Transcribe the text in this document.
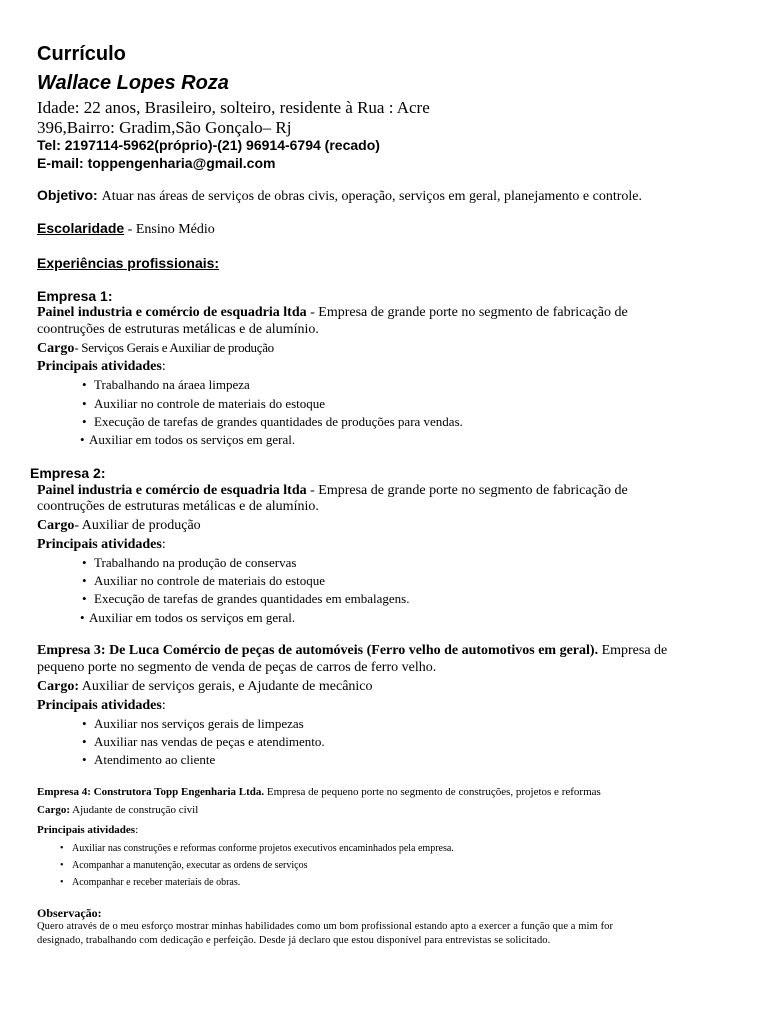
Currículo
Wallace Lopes Roza
Idade: 22 anos, Brasileiro, solteiro, residente à Rua : Acre
396,Bairro: Gradim,São Gonçalo– Rj
Tel: 2197114-5962(próprio)-(21) 96914-6794 (recado)
E-mail: toppengenharia@gmail.com
Objetivo: Atuar nas áreas de serviços de obras civis, operação, serviços em geral, planejamento e controle.
Escolaridade - Ensino Médio
Experiências profissionais:
Empresa 1:
Painel industria e comércio de esquadria ltda - Empresa de grande porte no segmento de fabricação de
coontruções de estruturas metálicas e de alumínio.
Cargo- Serviços Gerais e Auxiliar de produção
Principais atividades:
• Trabalhando na áraea limpeza
• Auxiliar no controle de materiais do estoque
• Execução de tarefas de grandes quantidades de produções para vendas.
• Auxiliar em todos os serviços em geral.
Empresa 2:
Painel industria e comércio de esquadria ltda - Empresa de grande porte no segmento de fabricação de
coontruções de estruturas metálicas e de alumínio.
Cargo- Auxiliar de produção
Principais atividades:
• Trabalhando na produção de conservas
• Auxiliar no controle de materiais do estoque
• Execução de tarefas de grandes quantidades em embalagens.
• Auxiliar em todos os serviços em geral.
Empresa 3: De Luca Comércio de peças de automóveis (Ferro velho de automotivos em geral). Empresa de
pequeno porte no segmento de venda de peças de carros de ferro velho.
Cargo: Auxiliar de serviços gerais, e Ajudante de mecânico
Principais atividades:
• Auxiliar nos serviços gerais de limpezas
• Auxiliar nas vendas de peças e atendimento.
• Atendimento ao cliente
Empresa 4: Construtora Topp Engenharia Ltda. Empresa de pequeno porte no segmento de construções, projetos e reformas
Cargo: Ajudante de construção civil
Principais atividades:
• Auxiliar nas construções e reformas conforme projetos executivos encaminhados pela empresa.
• Acompanhar a manutenção, executar as ordens de serviços
• Acompanhar e receber materiais de obras.
Observação:
Quero através de o meu esforço mostrar minhas habilidades como um bom profissional estando apto a exercer a função que a mim for
designado, trabalhando com dedicação e perfeição. Desde já declaro que estou disponível para entrevistas se solicitado.
